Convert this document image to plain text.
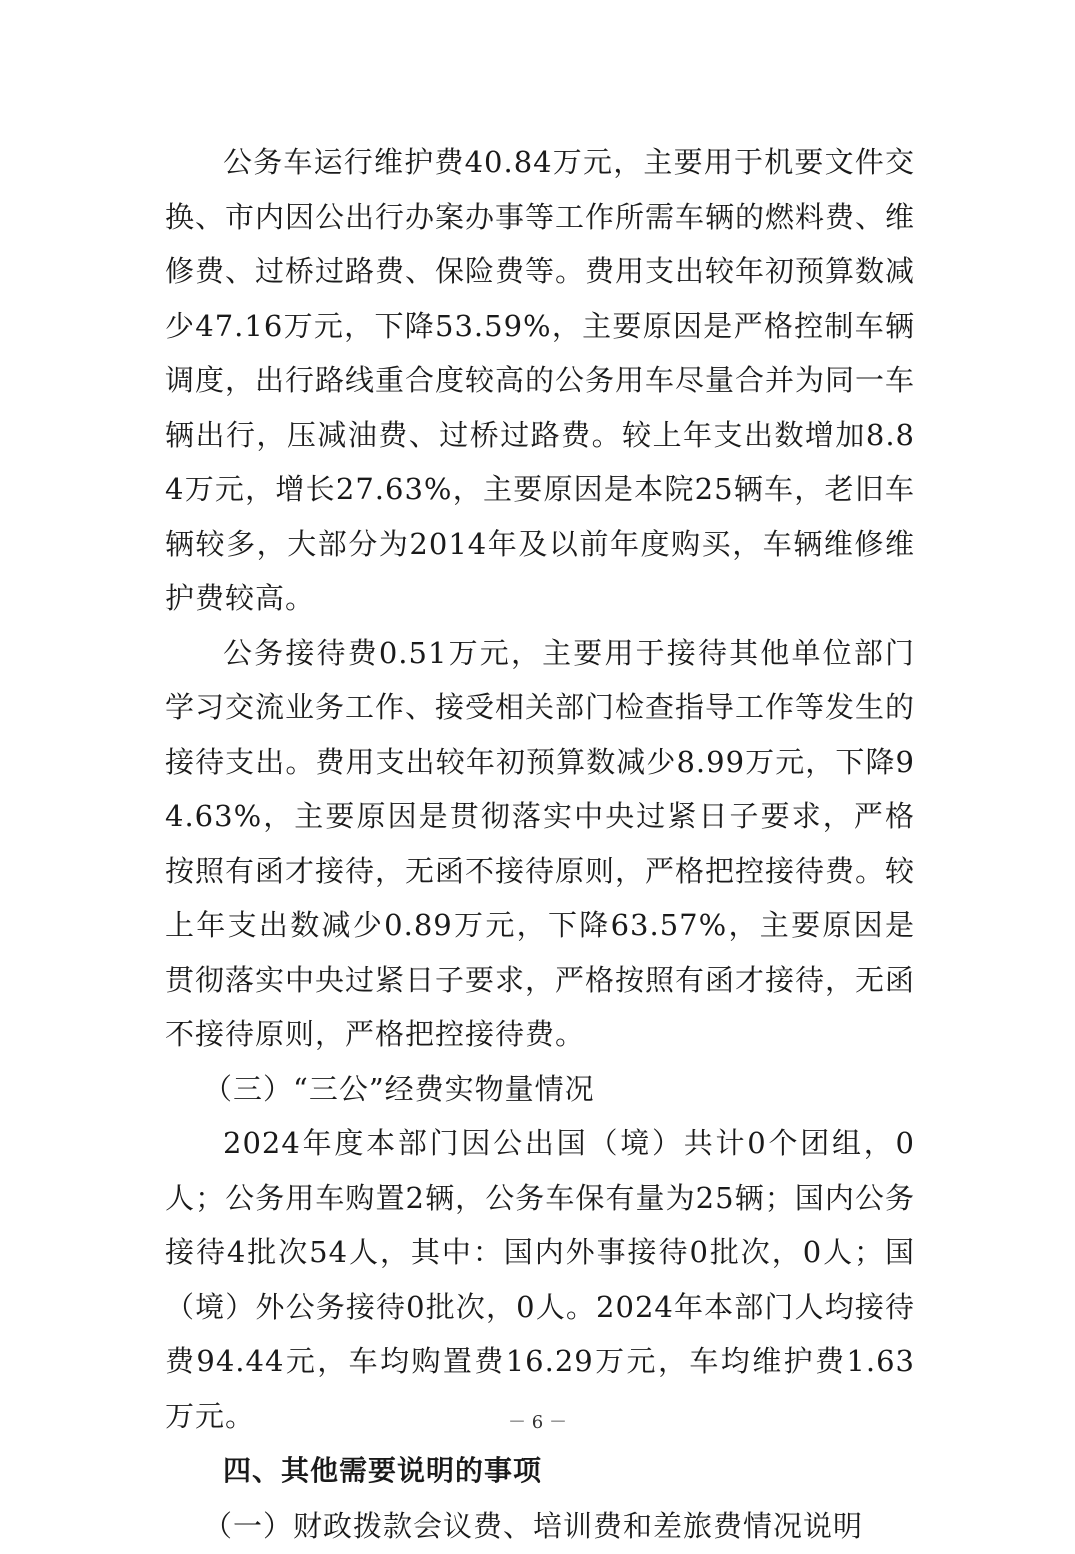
公务车运行维护费40.84万元，主要用于机要文件交换、市内因公出行办案办事等工作所需车辆的燃料费、维修费、过桥过路费、保险费等。费用支出较年初预算数减少47.16万元，下降53.59%，主要原因是严格控制车辆调度，出行路线重合度较高的公务用车尽量合并为同一车辆出行，压减油费、过桥过路费。较上年支出数增加8.84万元，增长27.63%，主要原因是本院25辆车，老旧车辆较多，大部分为2014年及以前年度购买，车辆维修维护费较高。

公务接待费0.51万元，主要用于接待其他单位部门学习交流业务工作、接受相关部门检查指导工作等发生的接待支出。费用支出较年初预算数减少8.99万元，下降94.63%，主要原因是贯彻落实中央过紧日子要求，严格按照有函才接待，无函不接待原则，严格把控接待费。较上年支出数减少0.89万元，下降63.57%，主要原因是贯彻落实中央过紧日子要求，严格按照有函才接待，无函不接待原则，严格把控接待费。

（三）“三公”经费实物量情况

2024年度本部门因公出国（境）共计0个团组，0人；公务用车购置2辆，公务车保有量为25辆；国内公务接待4批次54人，其中：国内外事接待0批次，0人；国（境）外公务接待0批次，0人。2024年本部门人均接待费94.44元，车均购置费16.29万元，车均维护费1.63万元。

四、其他需要说明的事项

（一）财政拨款会议费、培训费和差旅费情况说明

－ 6 －
